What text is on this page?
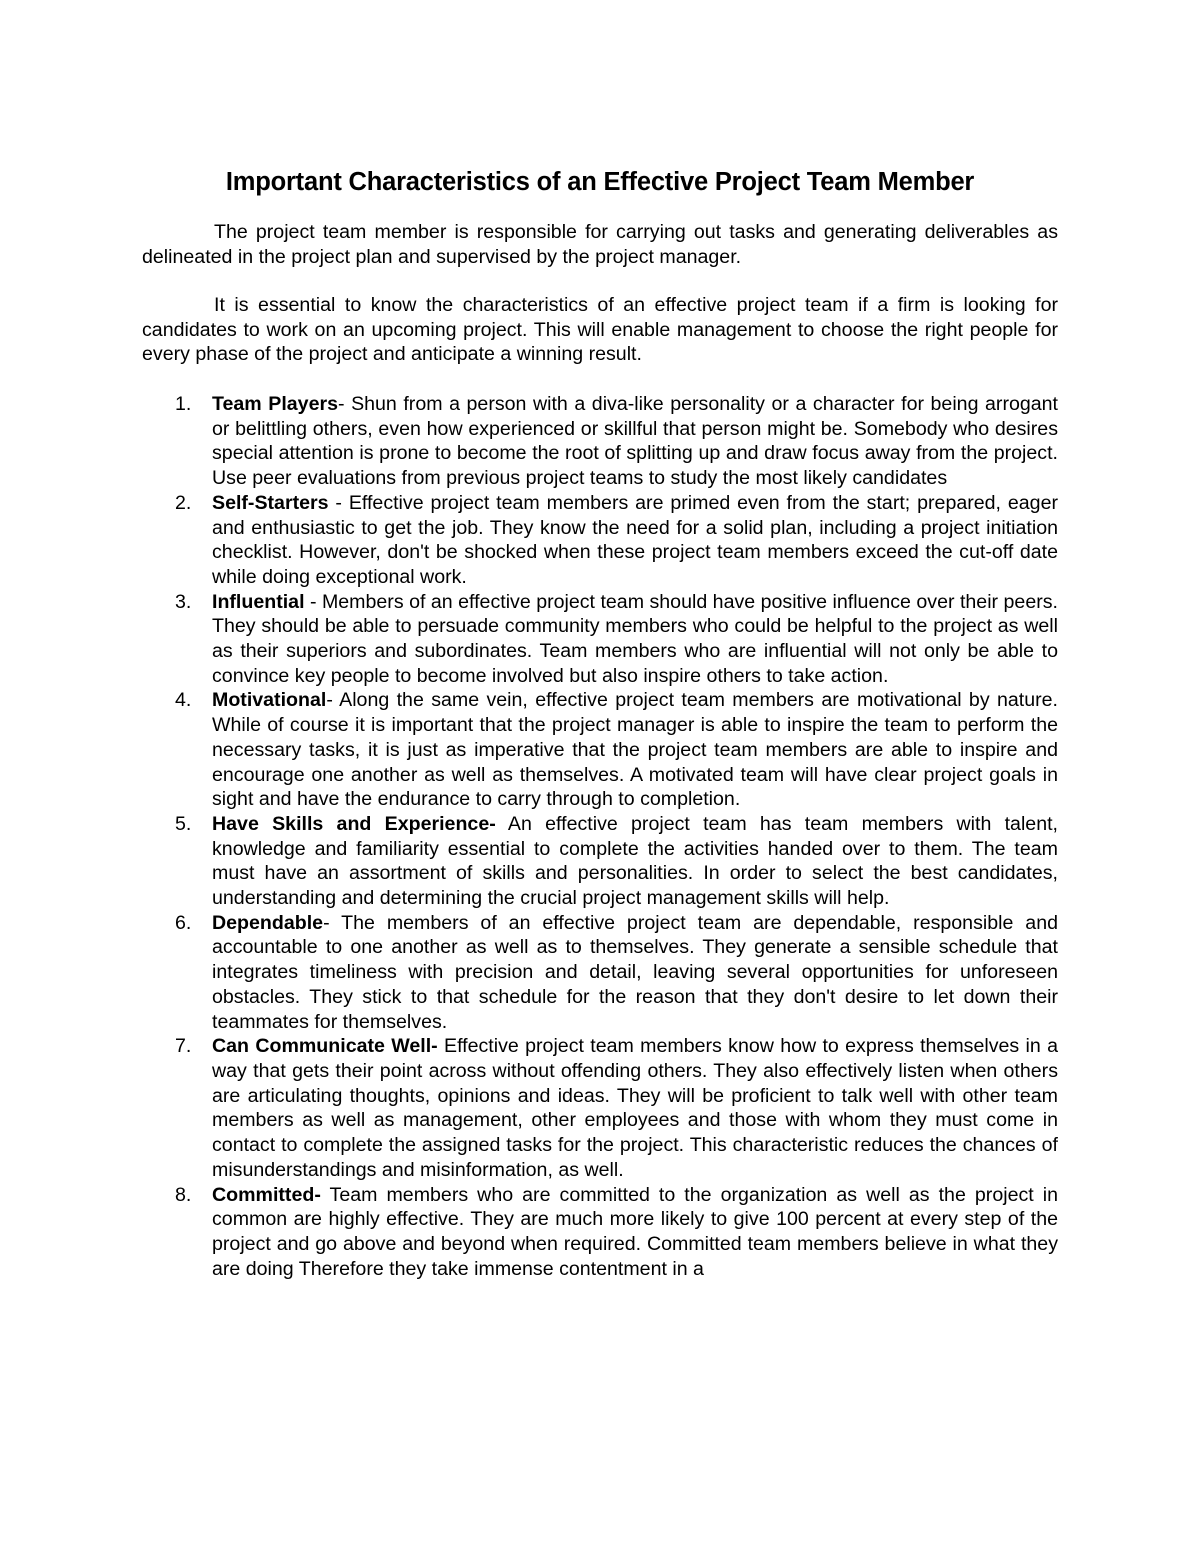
Important Characteristics of an Effective Project Team Member

The project team member is responsible for carrying out tasks and generating deliverables as delineated in the project plan and supervised by the project manager.

It is essential to know the characteristics of an effective project team if a firm is looking for candidates to work on an upcoming project. This will enable management to choose the right people for every phase of the project and anticipate a winning result.

1. Team Players- Shun from a person with a diva-like personality or a character for being arrogant or belittling others, even how experienced or skillful that person might be. Somebody who desires special attention is prone to become the root of splitting up and draw focus away from the project. Use peer evaluations from previous project teams to study the most likely candidates
2. Self-Starters - Effective project team members are primed even from the start; prepared, eager and enthusiastic to get the job. They know the need for a solid plan, including a project initiation checklist. However, don't be shocked when these project team members exceed the cut-off date while doing exceptional work.
3. Influential - Members of an effective project team should have positive influence over their peers. They should be able to persuade community members who could be helpful to the project as well as their superiors and subordinates. Team members who are influential will not only be able to convince key people to become involved but also inspire others to take action.
4. Motivational- Along the same vein, effective project team members are motivational by nature. While of course it is important that the project manager is able to inspire the team to perform the necessary tasks, it is just as imperative that the project team members are able to inspire and encourage one another as well as themselves. A motivated team will have clear project goals in sight and have the endurance to carry through to completion.
5. Have Skills and Experience- An effective project team has team members with talent, knowledge and familiarity essential to complete the activities handed over to them. The team must have an assortment of skills and personalities. In order to select the best candidates, understanding and determining the crucial project management skills will help.
6. Dependable- The members of an effective project team are dependable, responsible and accountable to one another as well as to themselves. They generate a sensible schedule that integrates timeliness with precision and detail, leaving several opportunities for unforeseen obstacles. They stick to that schedule for the reason that they don't desire to let down their teammates for themselves.
7. Can Communicate Well- Effective project team members know how to express themselves in a way that gets their point across without offending others. They also effectively listen when others are articulating thoughts, opinions and ideas. They will be proficient to talk well with other team members as well as management, other employees and those with whom they must come in contact to complete the assigned tasks for the project. This characteristic reduces the chances of misunderstandings and misinformation, as well.
8. Committed- Team members who are committed to the organization as well as the project in common are highly effective. They are much more likely to give 100 percent at every step of the project and go above and beyond when required. Committed team members believe in what they are doing Therefore they take immense contentment in a
